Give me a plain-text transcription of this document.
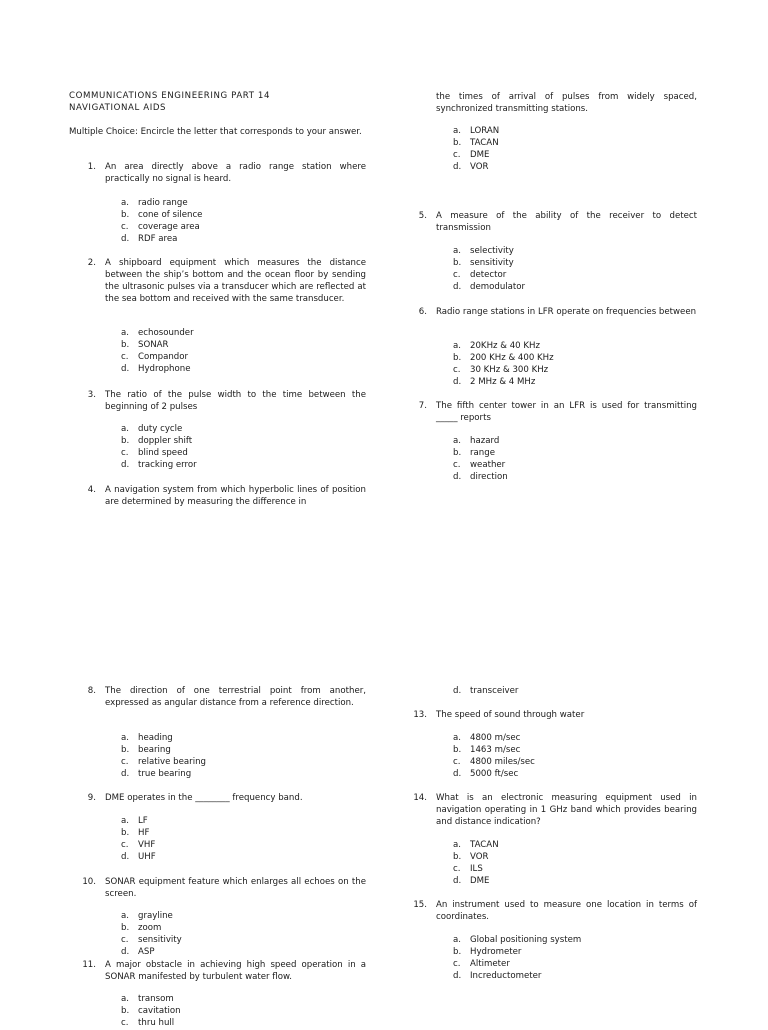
COMMUNICATIONS ENGINEERING PART 14
NAVIGATIONAL AIDS
Multiple Choice: Encircle the letter that corresponds to your answer.
1.	An area directly above a radio range station where practically no signal is heard.
a.	radio range
b.	cone of silence
c.	coverage area
d.	RDF area
2.	A shipboard equipment which measures the distance between the ship’s bottom and the ocean floor by sending the ultrasonic pulses via a transducer which are reflected at the sea bottom and received with the same transducer.
a.	echosounder
b.	SONAR
c.	Compandor
d.	Hydrophone
3.	The ratio of the pulse width to the time between the beginning of 2 pulses
a.	duty cycle
b.	doppler shift
c.	blind speed
d.	tracking error
4.	A navigation system from which hyperbolic lines of position are determined by measuring the difference in
the times of arrival of pulses from widely spaced, synchronized transmitting stations.
a.	LORAN
b.	TACAN
c.	DME
d.	VOR
5.	A measure of the ability of the receiver to detect transmission
a.	selectivity
b.	sensitivity
c.	detector
d.	demodulator
6.	Radio range stations in LFR operate on frequencies between
a.	20KHz & 40 KHz
b.	200 KHz & 400 KHz
c.	30 KHz & 300 KHz
d.	2 MHz & 4 MHz
7.	The fifth center tower in an LFR is used for transmitting _____ reports
a.	hazard
b.	range
c.	weather
d.	direction
8.	The direction of one terrestrial point from another, expressed as angular distance from a reference direction.
a.	heading
b.	bearing
c.	relative bearing
d.	true bearing
9.	DME operates in the ________ frequency band.
a.	LF
b.	HF
c.	VHF
d.	UHF
10.	SONAR equipment feature which enlarges all echoes on the screen.
a.	grayline
b.	zoom
c.	sensitivity
d.	ASP
11.	A major obstacle in achieving high speed operation in a SONAR manifested by turbulent water flow.
a.	transom
b.	cavitation
c.	thru hull
d.	transceiver
13.	The speed of sound through water
a.	4800 m/sec
b.	1463 m/sec
c.	4800 miles/sec
d.	5000 ft/sec
14.	What is an electronic measuring equipment used in navigation operating in 1 GHz band which provides bearing and distance indication?
a.	TACAN
b.	VOR
c.	ILS
d.	DME
15.	An instrument used to measure one location in terms of coordinates.
a.	Global positioning system
b.	Hydrometer
c.	Altimeter
d.	Increductometer
